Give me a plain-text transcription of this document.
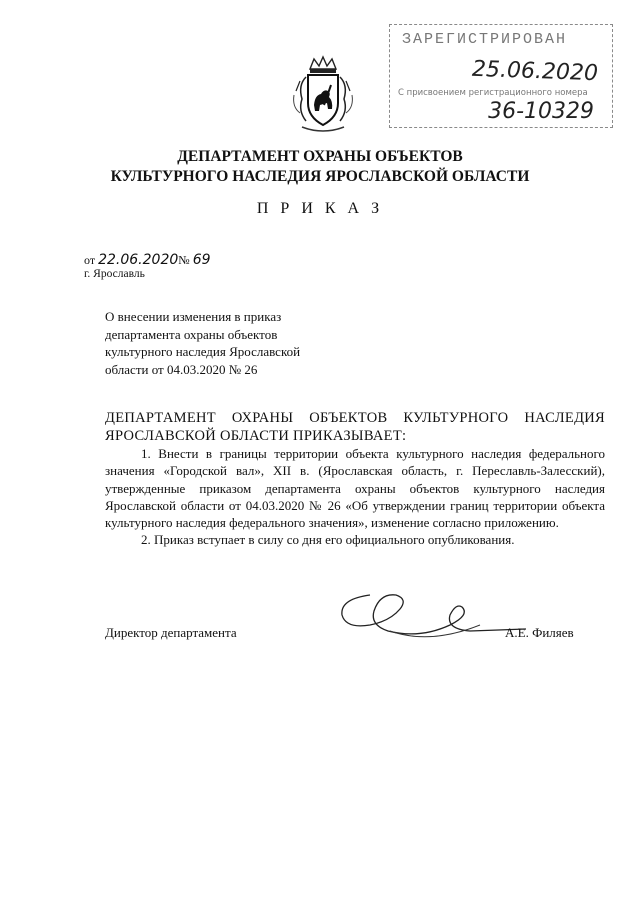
ЗАРЕГИСТРИРОВАН
25.06.2020
С присвоением регистрационного номера
36-10329
ДЕПАРТАМЕНТ ОХРАНЫ ОБЪЕКТОВ
КУЛЬТУРНОГО НАСЛЕДИЯ ЯРОСЛАВСКОЙ ОБЛАСТИ
П Р И К А З
от 22.06.2020№ 69
г. Ярославль
О внесении изменения в приказ
департамента охраны объектов
культурного наследия Ярославской
области от 04.03.2020 № 26

ДЕПАРТАМЕНТ ОХРАНЫ ОБЪЕКТОВ КУЛЬТУРНОГО НАСЛЕДИЯ ЯРОСЛАВСКОЙ ОБЛАСТИ ПРИКАЗЫВАЕТ:

1. Внести в границы территории объекта культурного наследия федерального значения «Городской вал», XII в. (Ярославская область, г. Переславль-Залесский), утвержденные приказом департамента охраны объектов культурного наследия Ярославской области от 04.03.2020 № 26 «Об утверждении границ территории объекта культурного наследия федерального значения», изменение согласно приложению.

2. Приказ вступает в силу со дня его официального опубликования.

Директор департамента	А.Е. Филяев
